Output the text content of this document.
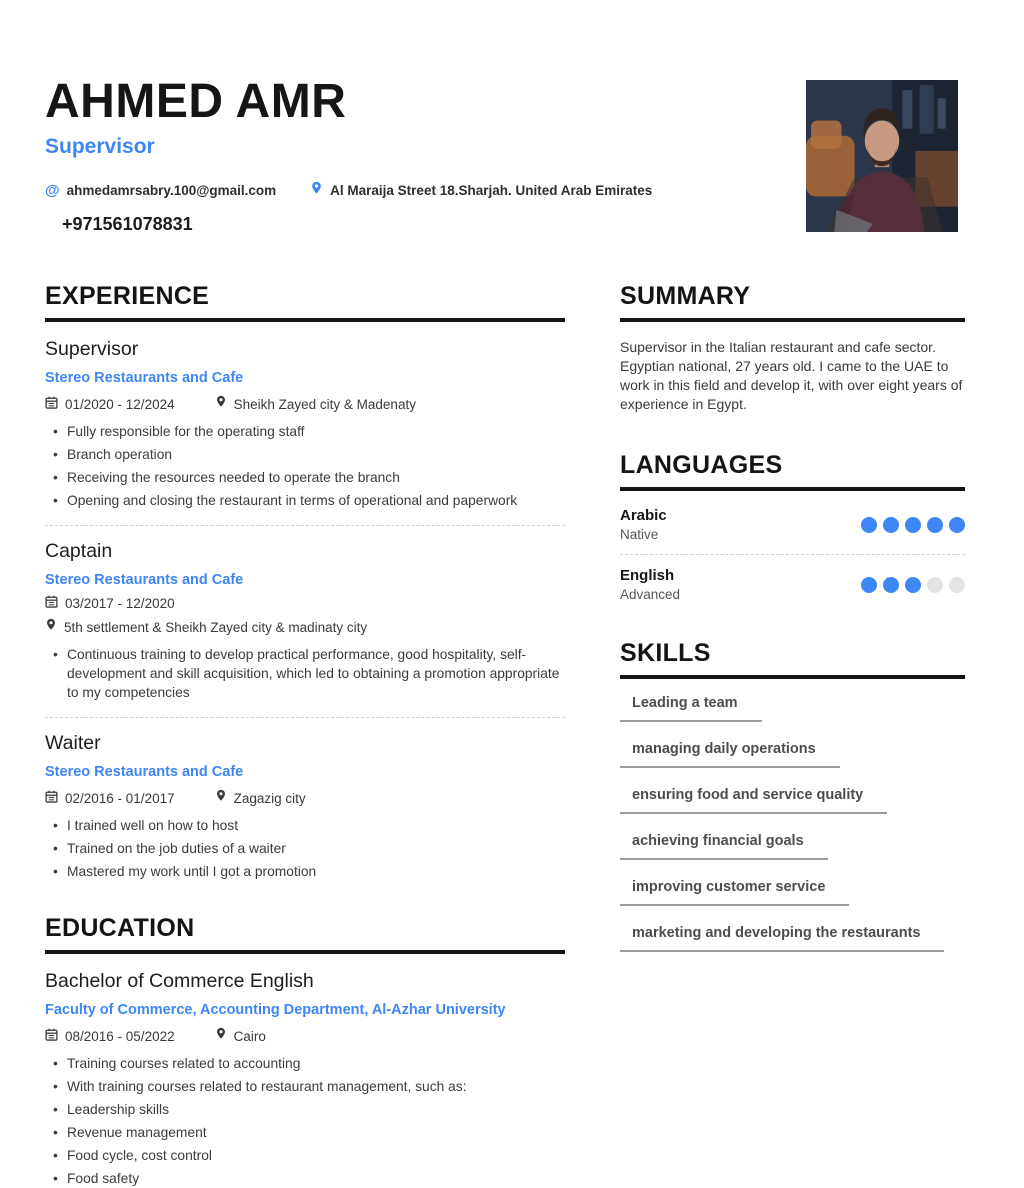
AHMED AMR
Supervisor
@ ahmedamrsabry.100@gmail.com	Al Maraija Street 18.Sharjah. United Arab Emirates
+971561078831
EXPERIENCE
Supervisor
Stereo Restaurants and Cafe
01/2020 - 12/2024	Sheikh Zayed city & Madenaty
• Fully responsible for the operating staff
• Branch operation
• Receiving the resources needed to operate the branch
• Opening and closing the restaurant in terms of operational and paperwork
Captain
Stereo Restaurants and Cafe
03/2017 - 12/2020
5th settlement & Sheikh Zayed city & madinaty city
• Continuous training to develop practical performance, good hospitality, self-development and skill acquisition, which led to obtaining a promotion appropriate to my competencies
Waiter
Stereo Restaurants and Cafe
02/2016 - 01/2017	Zagazig city
• I trained well on how to host
• Trained on the job duties of a waiter
• Mastered my work until I got a promotion
EDUCATION
Bachelor of Commerce English
Faculty of Commerce, Accounting Department, Al-Azhar University
08/2016 - 05/2022	Cairo
• Training courses related to accounting
• With training courses related to restaurant management, such as:
• Leadership skills
• Revenue management
• Food cycle, cost control
• Food safety
SUMMARY

Supervisor in the Italian restaurant and cafe sector. Egyptian national, 27 years old. I came to the UAE to work in this field and develop it, with over eight years of experience in Egypt.

LANGUAGES
Arabic
Native
English
Advanced
SKILLS
Leading a team
managing daily operations
ensuring food and service quality
achieving financial goals
improving customer service
marketing and developing the restaurants
